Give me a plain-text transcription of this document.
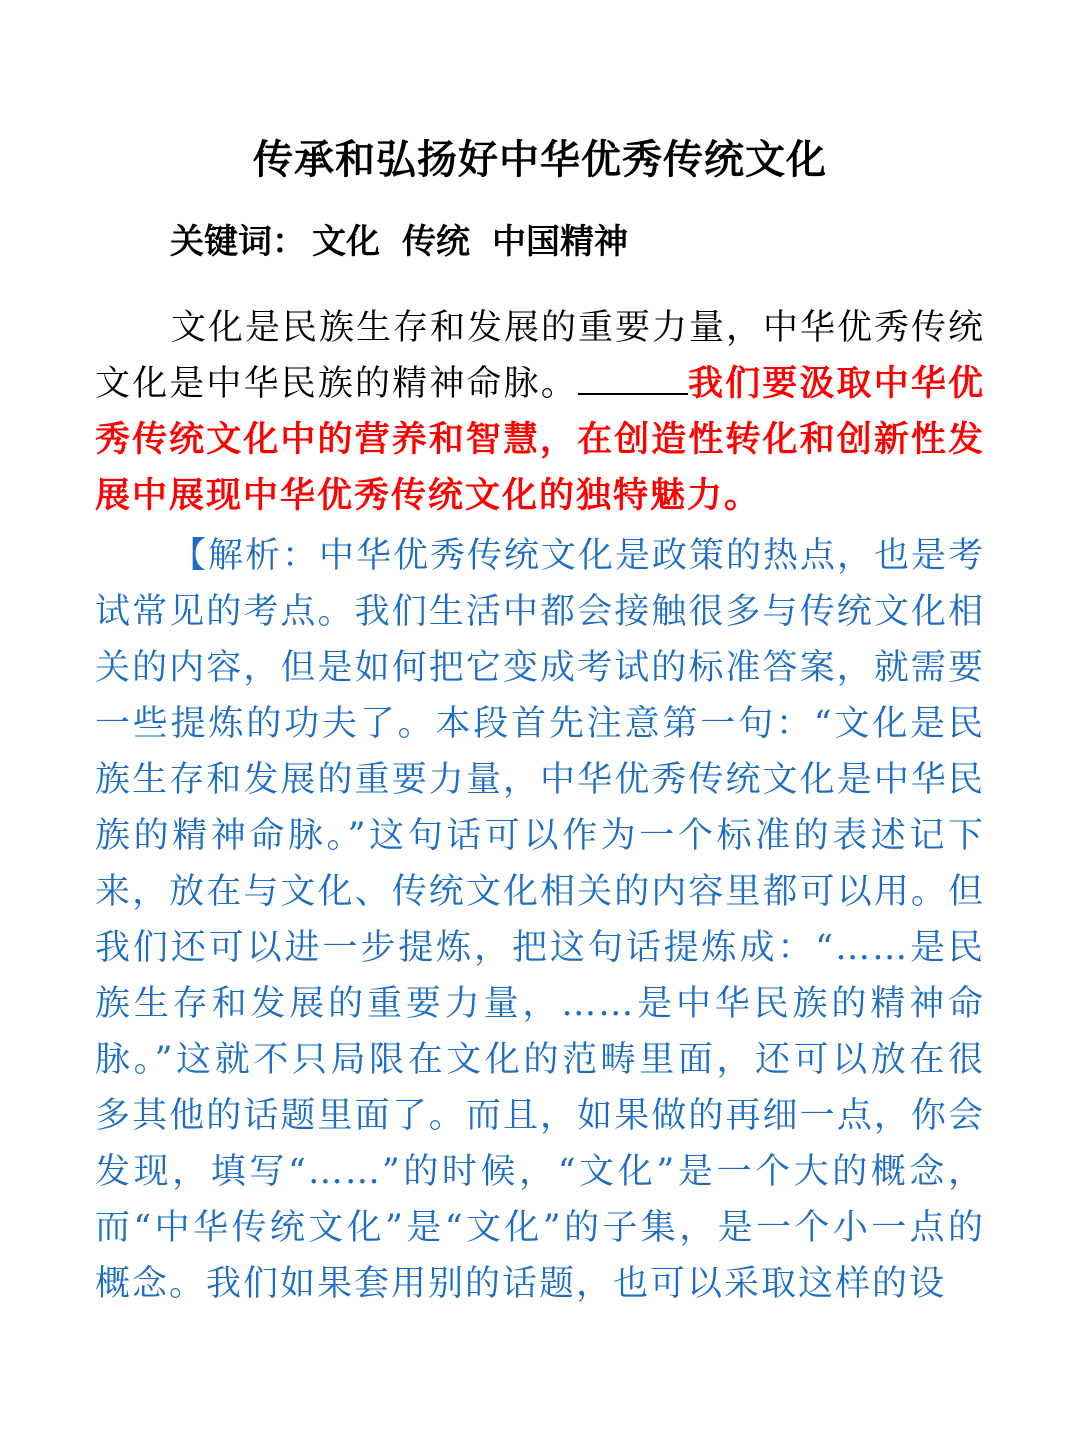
传承和弘扬好中华优秀传统文化
关键词： 文化 传统 中国精神

文化是民族生存和发展的重要力量，中华优秀传统文化是中华民族的精神命脉。	我们要汲取中华优秀传统文化中的营养和智慧，在创造性转化和创新性发展中展现中华优秀传统文化的独特魅力。

【解析：中华优秀传统文化是政策的热点，也是考试常见的考点。我们生活中都会接触很多与传统文化相关的内容，但是如何把它变成考试的标准答案，就需要一些提炼的功夫了。本段首先注意第一句：“文化是民族生存和发展的重要力量，中华优秀传统文化是中华民族的精神命脉。”这句话可以作为一个标准的表述记下来，放在与文化、传统文化相关的内容里都可以用。但我们还可以进一步提炼，把这句话提炼成：“……是民族生存和发展的重要力量，……是中华民族的精神命脉。”这就不只局限在文化的范畴里面，还可以放在很多其他的话题里面了。而且，如果做的再细一点，你会发现，填写“……”的时候，“文化”是一个大的概念，而“中华传统文化”是“文化”的子集，是一个小一点的概念。我们如果套用别的话题，也可以采取这样的设
